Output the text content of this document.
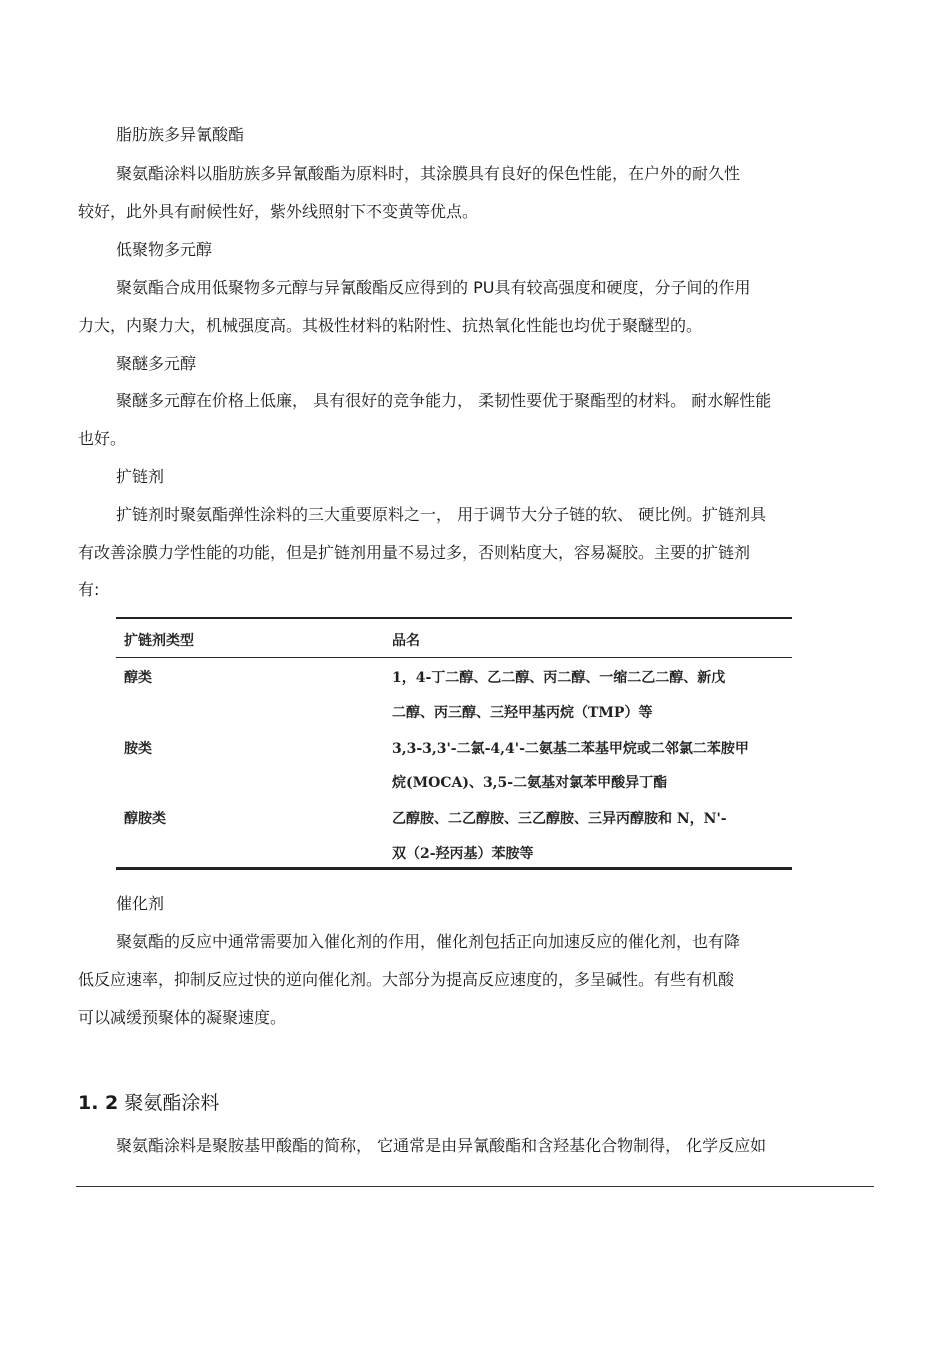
脂肪族多异氰酸酯
聚氨酯涂料以脂肪族多异氰酸酯为原料时，其涂膜具有良好的保色性能，在户外的耐久性
较好，此外具有耐候性好，紫外线照射下不变黄等优点。
低聚物多元醇
聚氨酯合成用低聚物多元醇与异氰酸酯反应得到的 PU具有较高强度和硬度，分子间的作用
力大，内聚力大，机械强度高。其极性材料的粘附性、抗热氧化性能也均优于聚醚型的。
聚醚多元醇
聚醚多元醇在价格上低廉， 具有很好的竞争能力， 柔韧性要优于聚酯型的材料。 耐水解性能
也好。
扩链剂
扩链剂时聚氨酯弹性涂料的三大重要原料之一， 用于调节大分子链的软、 硬比例。扩链剂具
有改善涂膜力学性能的功能，但是扩链剂用量不易过多，否则粘度大，容易凝胶。主要的扩链剂
有:
扩链剂类型	品名
醇类	1，4-丁二醇、乙二醇、丙二醇、一缩二乙二醇、新戊
二醇、丙三醇、三羟甲基丙烷（TMP）等
胺类	3,3-3,3'-二氯-4,4'-二氨基二苯基甲烷或二邻氯二苯胺甲
烷(MOCA)、3,5-二氨基对氯苯甲酸异丁酯
醇胺类	乙醇胺、二乙醇胺、三乙醇胺、三异丙醇胺和 N，N'-
双（2-羟丙基）苯胺等
催化剂
聚氨酯的反应中通常需要加入催化剂的作用，催化剂包括正向加速反应的催化剂，也有降
低反应速率，抑制反应过快的逆向催化剂。大部分为提高反应速度的，多呈碱性。有些有机酸
可以减缓预聚体的凝聚速度。
1. 2 聚氨酯涂料
聚氨酯涂料是聚胺基甲酸酯的简称， 它通常是由异氰酸酯和含羟基化合物制得， 化学反应如
